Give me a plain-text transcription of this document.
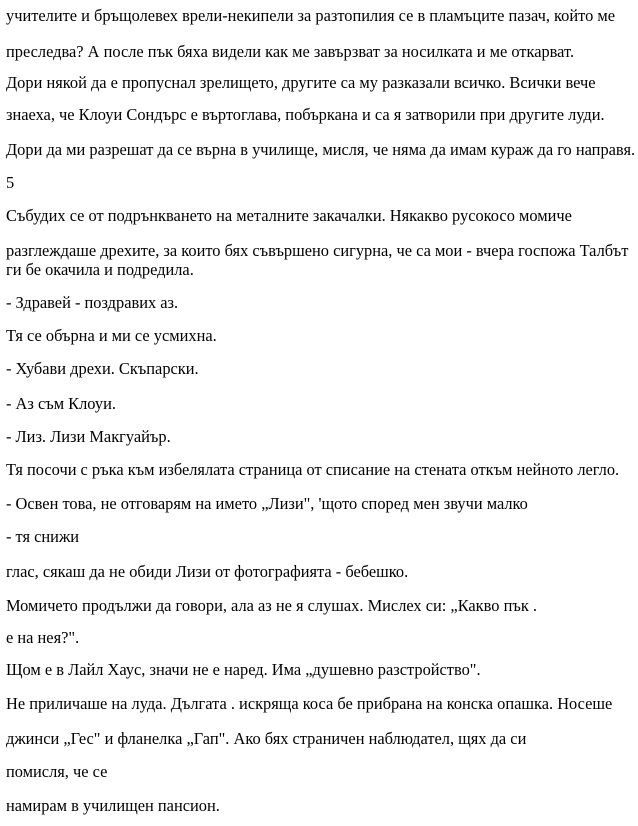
учителите и бръщолевех врели-некипели за разтопилия се в пламъците пазач, който ме

преследва? А после пък бяха видели как ме завързват за носилката и ме откарват.

Дори някой да е пропуснал зрелището, другите са му разказали всичко. Всички вече

знаеха, че Клоуи Сондърс е въртоглава, побъркана и са я затворили при другите луди.

Дори да ми разрешат да се върна в училище, мисля, че няма да имам кураж да го направя.

5

Събудих се от подрънкването на металните закачалки. Някакво русокосо момиче

разглеждаше дрехите, за които бях съвършено сигурна, че са мои - вчера госпожа Талбът ги бе окачила и подредила.

- Здравей - поздравих аз.

Тя се обърна и ми се усмихна.

- Хубави дрехи. Скъпарски.

- Аз съм Клоуи.

- Лиз. Лизи Макгуайър.

Тя посочи с ръка към избелялата страница от списание на стената откъм нейното легло.

- Освен това, не отговарям на името „Лизи", 'щото според мен звучи малко

- тя снижи

глас, сякаш да не обиди Лизи от фотографията - бебешко.

Момичето продължи да говори, ала аз не я слушах. Мислех си: „Какво пък .

е на нея?".

Щом е в Лайл Хаус, значи не е наред. Има „душевно разстройство".

Не приличаше на луда. Дългата . искряща коса бе прибрана на конска опашка. Носеше

джинси „Гес" и фланелка „Гап". Ако бях страничен наблюдател, щях да си

помисля, че се

намирам в училищен пансион.
